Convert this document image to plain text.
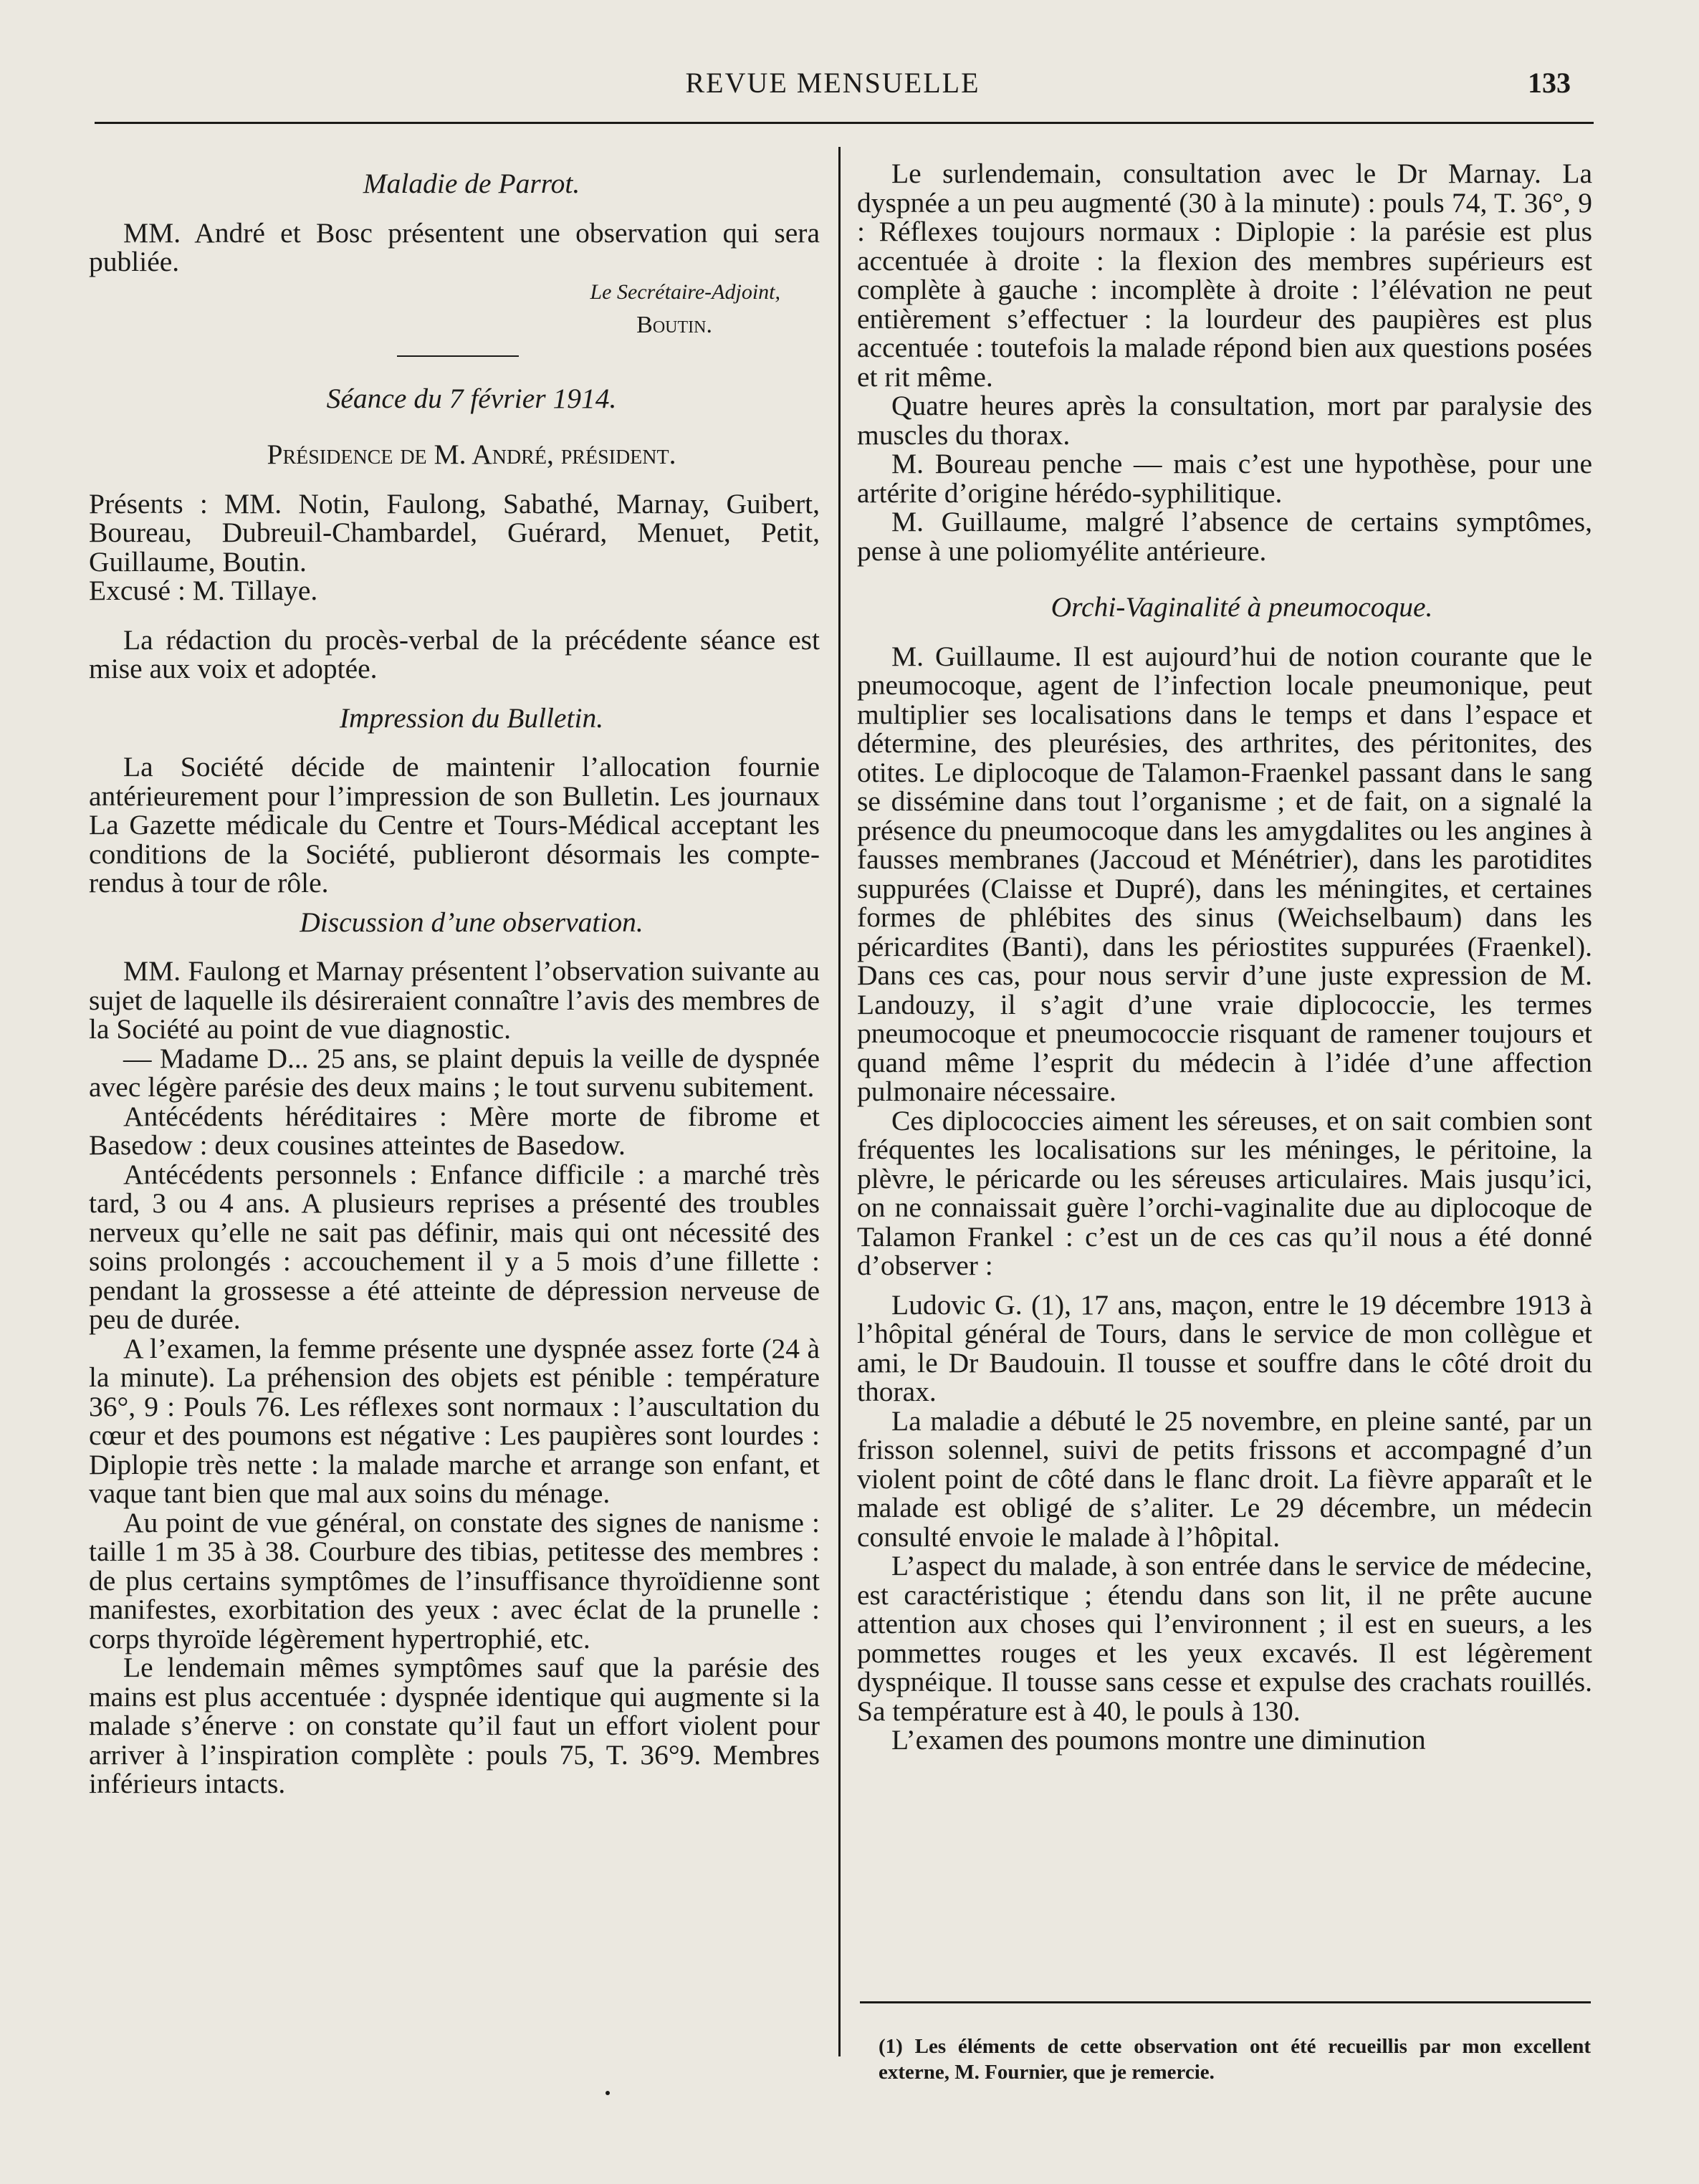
REVUE MENSUELLE	133

Maladie de Parrot.

MM. André et Bosc présentent une observation qui sera publiée.

Le Secrétaire-Adjoint,
Boutin.

Séance du 7 février 1914.

Présidence de M. André, président.

Présents : MM. Notin, Faulong, Sabathé, Marnay, Guibert, Boureau, Dubreuil-Chambardel, Guérard, Menuet, Petit, Guillaume, Boutin.

Excusé : M. Tillaye.

La rédaction du procès-verbal de la précédente séance est mise aux voix et adoptée.

Impression du Bulletin.

La Société décide de maintenir l’allocation fournie antérieurement pour l’impression de son Bulletin. Les journaux La Gazette médicale du Centre et Tours-Médical acceptant les conditions de la Société, publieront désormais les compte-rendus à tour de rôle.

Discussion d’une observation.

MM. Faulong et Marnay présentent l’observation suivante au sujet de laquelle ils désireraient connaître l’avis des membres de la Société au point de vue diagnostic.

— Madame D... 25 ans, se plaint depuis la veille de dyspnée avec légère parésie des deux mains ; le tout survenu subitement.

Antécédents héréditaires : Mère morte de fibrome et Basedow : deux cousines atteintes de Basedow.

Antécédents personnels : Enfance difficile : a marché très tard, 3 ou 4 ans. A plusieurs reprises a présenté des troubles nerveux qu’elle ne sait pas définir, mais qui ont nécessité des soins prolongés : accouchement il y a 5 mois d’une fillette : pendant la grossesse a été atteinte de dépression nerveuse de peu de durée.

A l’examen, la femme présente une dyspnée assez forte (24 à la minute). La préhension des objets est pénible : température 36°, 9 : Pouls 76. Les réflexes sont normaux : l’auscultation du cœur et des poumons est négative : Les paupières sont lourdes : Diplopie très nette : la malade marche et arrange son enfant, et vaque tant bien que mal aux soins du ménage.

Au point de vue général, on constate des signes de nanisme : taille 1 m 35 à 38. Courbure des tibias, petitesse des membres : de plus certains symptômes de l’insuffisance thyroïdienne sont manifestes, exorbitation des yeux : avec éclat de la prunelle : corps thyroïde légèrement hypertrophié, etc.

Le lendemain mêmes symptômes sauf que la parésie des mains est plus accentuée : dyspnée identique qui augmente si la malade s’énerve : on constate qu’il faut un effort violent pour arriver à l’inspiration complète : pouls 75, T. 36°9. Membres inférieurs intacts.

Le surlendemain, consultation avec le Dr Marnay. La dyspnée a un peu augmenté (30 à la minute) : pouls 74, T. 36°, 9 : Réflexes toujours normaux : Diplopie : la parésie est plus accentuée à droite : la flexion des membres supérieurs est complète à gauche : incomplète à droite : l’élévation ne peut entièrement s’effectuer : la lourdeur des paupières est plus accentuée : toutefois la malade répond bien aux questions posées et rit même.

Quatre heures après la consultation, mort par paralysie des muscles du thorax.

M. Boureau penche — mais c’est une hypothèse, pour une artérite d’origine hérédo-syphilitique.

M. Guillaume, malgré l’absence de certains symptômes, pense à une poliomyélite antérieure.

Orchi-Vaginalité à pneumocoque.

M. Guillaume. Il est aujourd’hui de notion courante que le pneumocoque, agent de l’infection locale pneumonique, peut multiplier ses localisations dans le temps et dans l’espace et détermine, des pleurésies, des arthrites, des péritonites, des otites. Le diplocoque de Talamon-Fraenkel passant dans le sang se dissémine dans tout l’organisme ; et de fait, on a signalé la présence du pneumocoque dans les amygdalites ou les angines à fausses membranes (Jaccoud et Ménétrier), dans les parotidites suppurées (Claisse et Dupré), dans les méningites, et certaines formes de phlébites des sinus (Weichselbaum) dans les péricardites (Banti), dans les périostites suppurées (Fraenkel). Dans ces cas, pour nous servir d’une juste expression de M. Landouzy, il s’agit d’une vraie diplococcie, les termes pneumocoque et pneumococcie risquant de ramener toujours et quand même l’esprit du médecin à l’idée d’une affection pulmonaire nécessaire.

Ces diplococcies aiment les séreuses, et on sait combien sont fréquentes les localisations sur les méninges, le péritoine, la plèvre, le péricarde ou les séreuses articulaires. Mais jusqu’ici, on ne connaissait guère l’orchi-vaginalite due au diplocoque de Talamon Frankel : c’est un de ces cas qu’il nous a été donné d’observer :

Ludovic G. (1), 17 ans, maçon, entre le 19 décembre 1913 à l’hôpital général de Tours, dans le service de mon collègue et ami, le Dr Baudouin. Il tousse et souffre dans le côté droit du thorax.

La maladie a débuté le 25 novembre, en pleine santé, par un frisson solennel, suivi de petits frissons et accompagné d’un violent point de côté dans le flanc droit. La fièvre apparaît et le malade est obligé de s’aliter. Le 29 décembre, un médecin consulté envoie le malade à l’hôpital.

L’aspect du malade, à son entrée dans le service de médecine, est caractéristique ; étendu dans son lit, il ne prête aucune attention aux choses qui l’environnent ; il est en sueurs, a les pommettes rouges et les yeux excavés. Il est légèrement dyspnéique. Il tousse sans cesse et expulse des crachats rouillés. Sa température est à 40, le pouls à 130.

L’examen des poumons montre une diminution

(1) Les éléments de cette observation ont été recueillis par mon excellent externe, M. Fournier, que je remercie.
